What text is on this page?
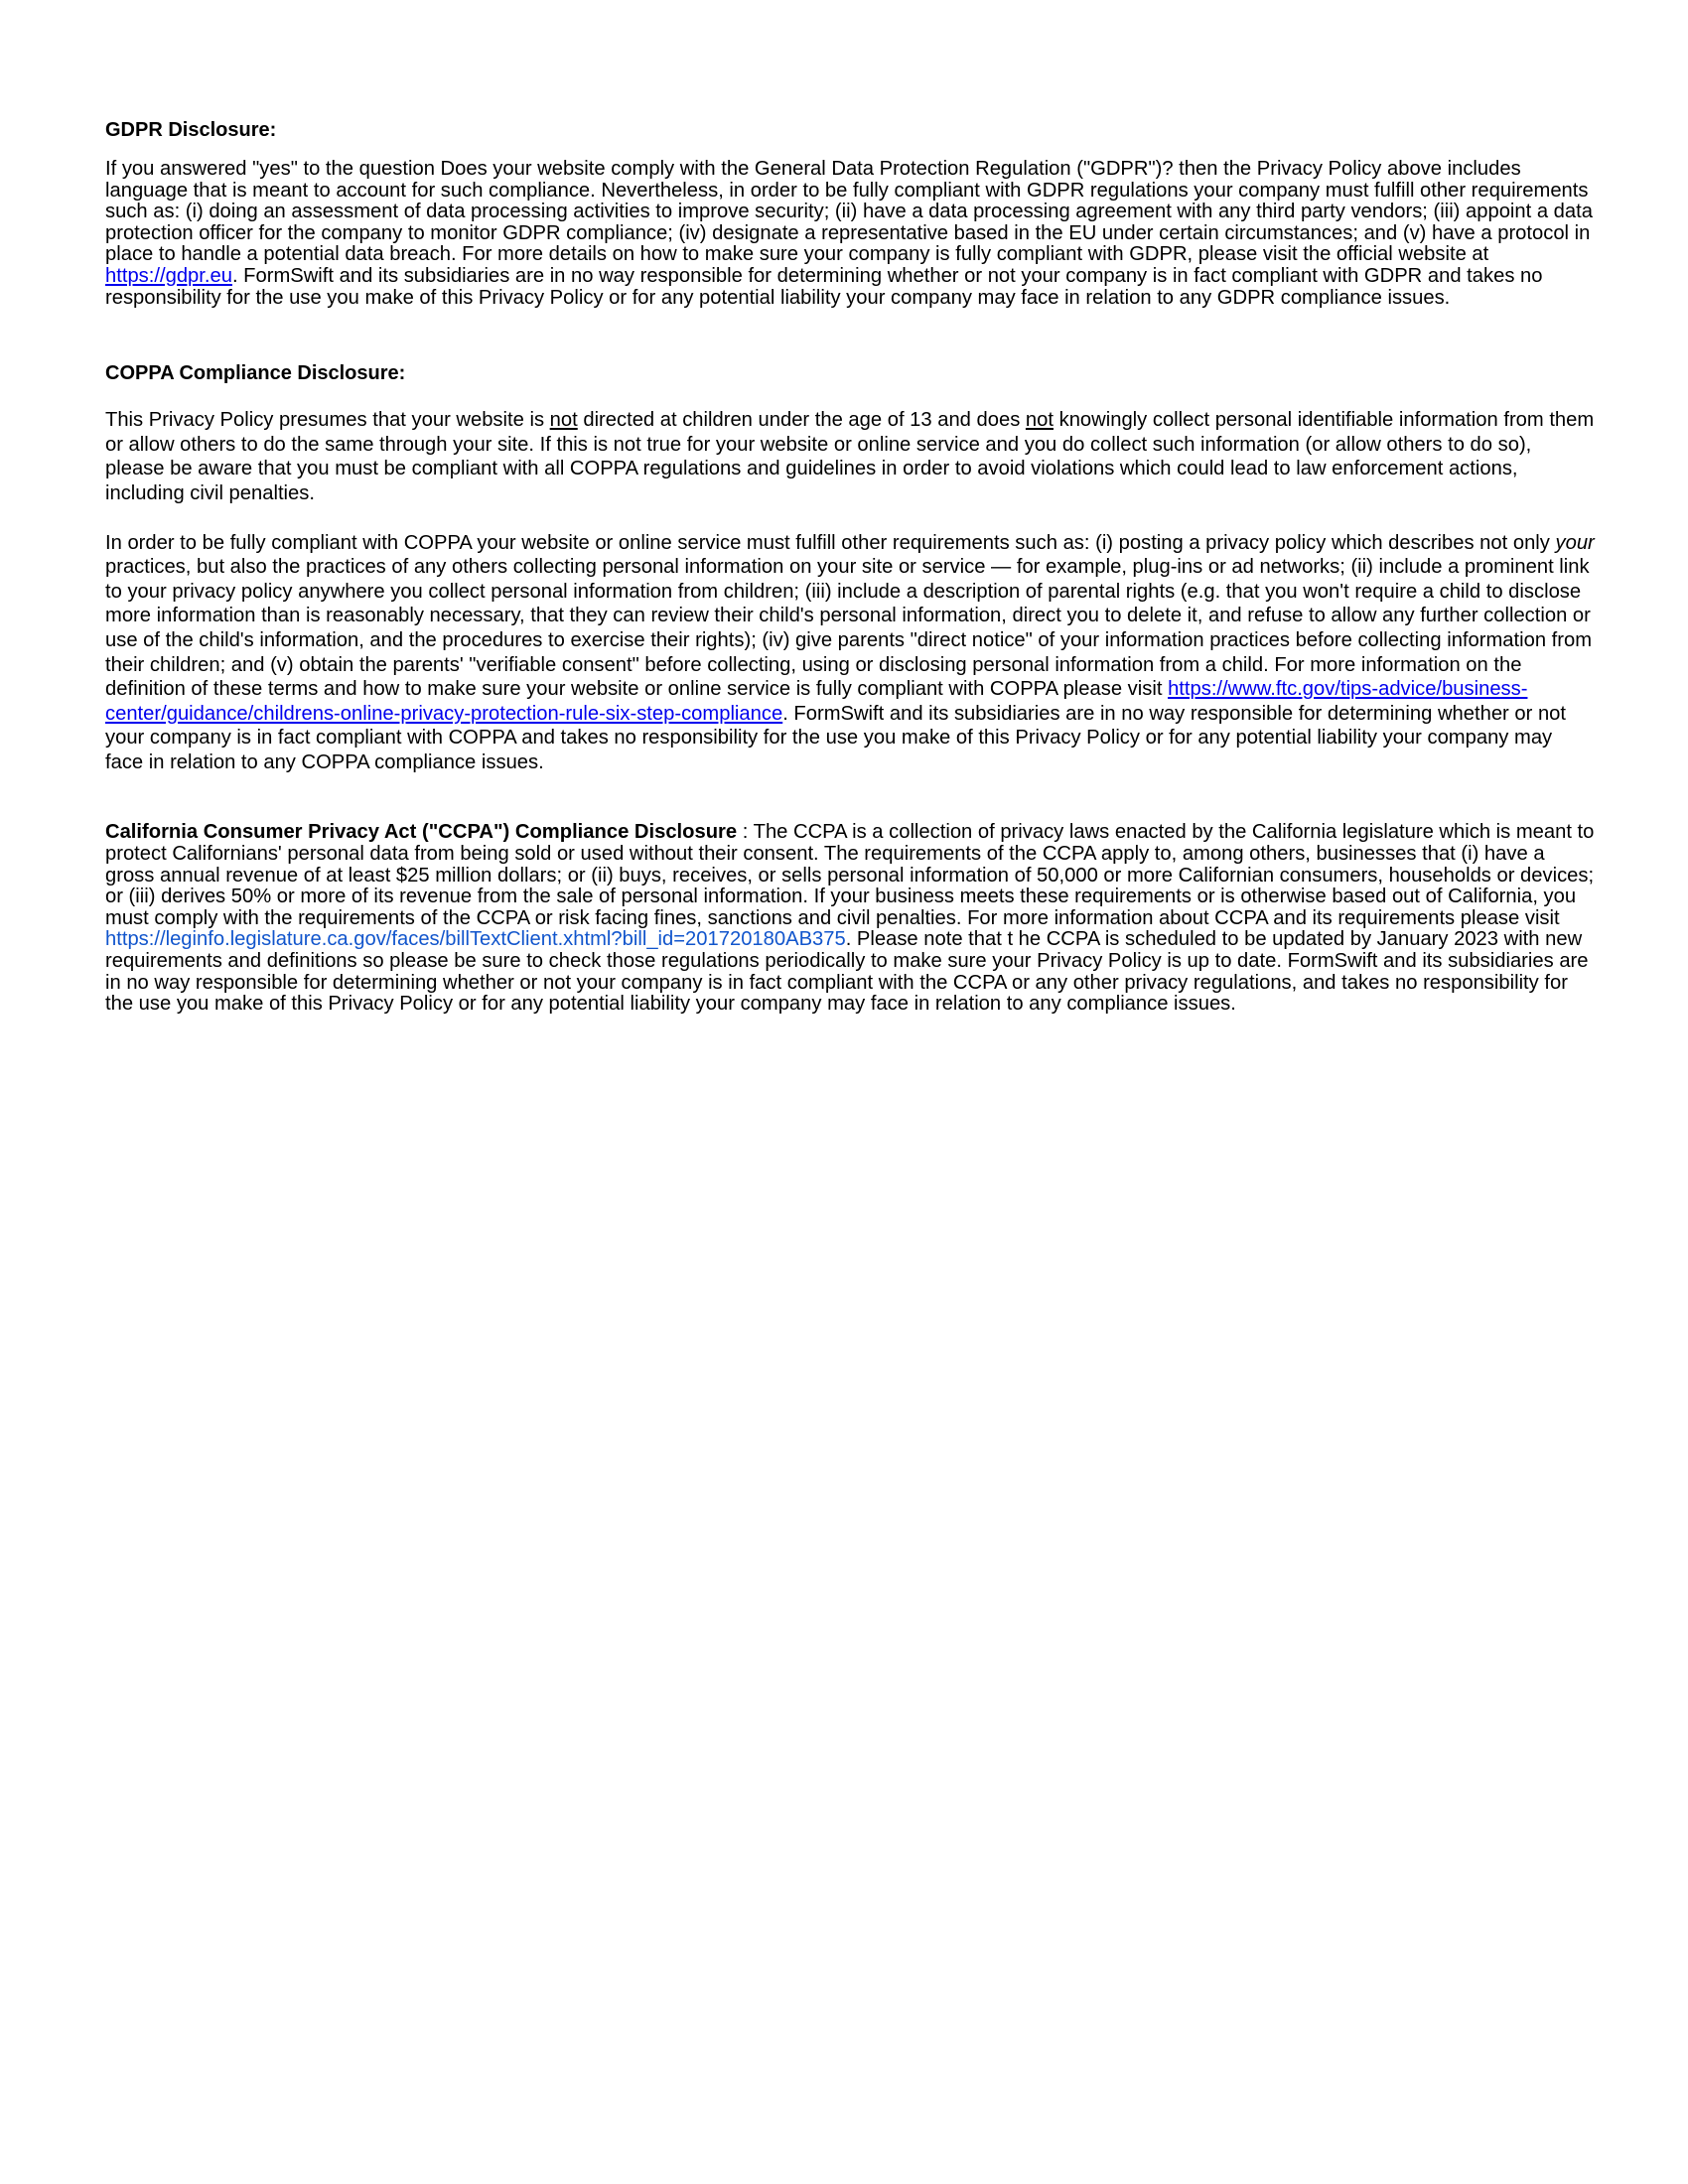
GDPR Disclosure:

If you answered "yes" to the question Does your website comply with the General Data Protection Regulation ("GDPR")? then the Privacy Policy above includes language that is meant to account for such compliance. Nevertheless, in order to be fully compliant with GDPR regulations your company must fulfill other requirements such as: (i) doing an assessment of data processing activities to improve security; (ii) have a data processing agreement with any third party vendors; (iii) appoint a data protection officer for the company to monitor GDPR compliance; (iv) designate a representative based in the EU under certain circumstances; and (v) have a protocol in place to handle a potential data breach. For more details on how to make sure your company is fully compliant with GDPR, please visit the official website at https://gdpr.eu. FormSwift and its subsidiaries are in no way responsible for determining whether or not your company is in fact compliant with GDPR and takes no responsibility for the use you make of this Privacy Policy or for any potential liability your company may face in relation to any GDPR compliance issues.

COPPA Compliance Disclosure:

This Privacy Policy presumes that your website is not directed at children under the age of 13 and does not knowingly collect personal identifiable information from them or allow others to do the same through your site. If this is not true for your website or online service and you do collect such information (or allow others to do so), please be aware that you must be compliant with all COPPA regulations and guidelines in order to avoid violations which could lead to law enforcement actions, including civil penalties.

In order to be fully compliant with COPPA your website or online service must fulfill other requirements such as: (i) posting a privacy policy which describes not only your practices, but also the practices of any others collecting personal information on your site or service — for example, plug-ins or ad networks; (ii) include a prominent link to your privacy policy anywhere you collect personal information from children; (iii) include a description of parental rights (e.g. that you won't require a child to disclose more information than is reasonably necessary, that they can review their child's personal information, direct you to delete it, and refuse to allow any further collection or use of the child's information, and the procedures to exercise their rights); (iv) give parents "direct notice" of your information practices before collecting information from their children; and (v) obtain the parents' "verifiable consent" before collecting, using or disclosing personal information from a child. For more information on the definition of these terms and how to make sure your website or online service is fully compliant with COPPA please visit https://www.ftc.gov/tips-advice/business-center/guidance/childrens-online-privacy-protection-rule-six-step-compliance. FormSwift and its subsidiaries are in no way responsible for determining whether or not your company is in fact compliant with COPPA and takes no responsibility for the use you make of this Privacy Policy or for any potential liability your company may face in relation to any COPPA compliance issues.

California Consumer Privacy Act ("CCPA") Compliance Disclosure : The CCPA is a collection of privacy laws enacted by the California legislature which is meant to protect Californians' personal data from being sold or used without their consent. The requirements of the CCPA apply to, among others, businesses that (i) have a gross annual revenue of at least $25 million dollars; or (ii) buys, receives, or sells personal information of 50,000 or more Californian consumers, households or devices; or (iii) derives 50% or more of its revenue from the sale of personal information. If your business meets these requirements or is otherwise based out of California, you must comply with the requirements of the CCPA or risk facing fines, sanctions and civil penalties. For more information about CCPA and its requirements please visit https://leginfo.legislature.ca.gov/faces/billTextClient.xhtml?bill_id=201720180AB375. Please note that t he CCPA is scheduled to be updated by January 2023 with new requirements and definitions so please be sure to check those regulations periodically to make sure your Privacy Policy is up to date. FormSwift and its subsidiaries are in no way responsible for determining whether or not your company is in fact compliant with the CCPA or any other privacy regulations, and takes no responsibility for the use you make of this Privacy Policy or for any potential liability your company may face in relation to any compliance issues.
